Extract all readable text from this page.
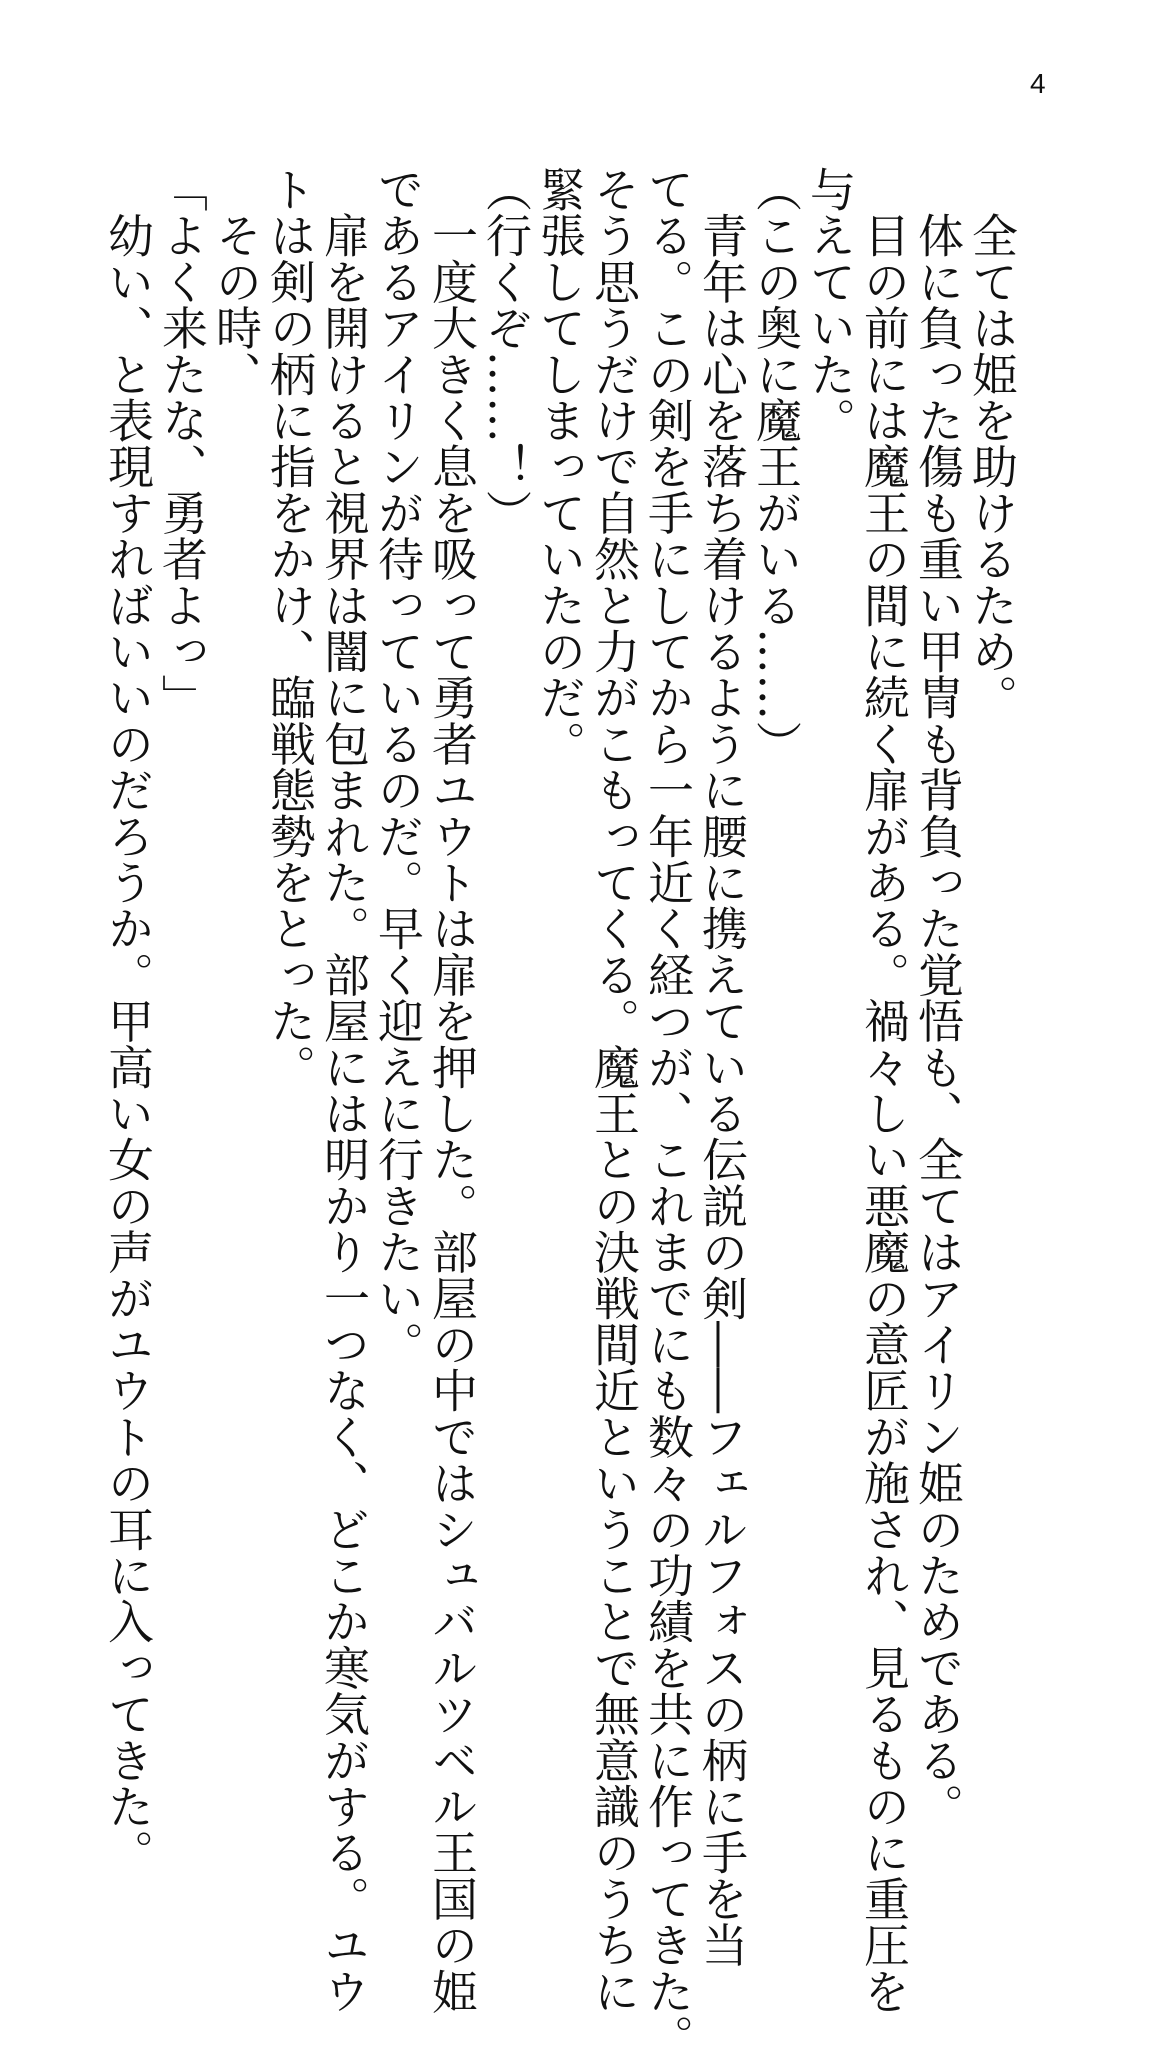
4
　全ては姫を助けるため。
　体に負った傷も重い甲冑も背負った覚悟も、全てはアイリン姫のためである。
　目の前には魔王の間に続く扉がある。禍々しい悪魔の意匠が施され、見るものに重圧を
与えていた。
（この奥に魔王がいる……）
　青年は心を落ち着けるように腰に携えている伝説の剣――フェルフォスの柄に手を当
てる。この剣を手にしてから一年近く経つが、これまでにも数々の功績を共に作ってきた。
そう思うだけで自然と力がこもってくる。魔王との決戦間近ということで無意識のうちに
緊張してしまっていたのだ。
（行くぞ……！）
　一度大きく息を吸って勇者ユウトは扉を押した。部屋の中ではシュバルツベル王国の姫
であるアイリンが待っているのだ。早く迎えに行きたい。
　扉を開けると視界は闇に包まれた。部屋には明かり一つなく、どこか寒気がする。ユウ
トは剣の柄に指をかけ、臨戦態勢をとった。
　その時、
「よく来たな、勇者よっ」
　幼い、と表現すればいいのだろうか。甲高い女の声がユウトの耳に入ってきた。
